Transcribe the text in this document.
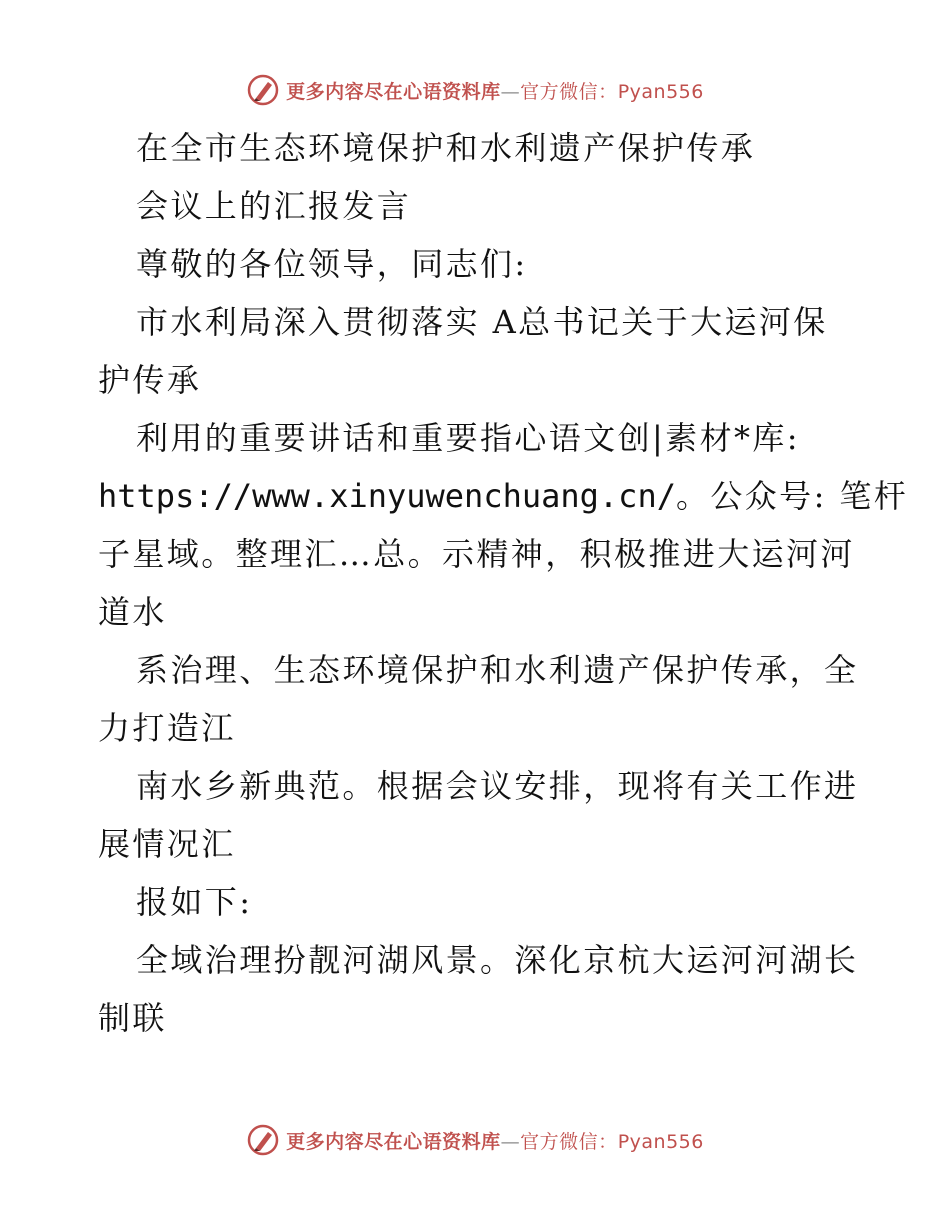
更多内容尽在心语资料库—官方微信：Pyan556
在全市生态环境保护和水利遗产保护传承
会议上的汇报发言
尊敬的各位领导，同志们:
市水利局深入贯彻落实 A总书记关于大运河保
护传承
利用的重要讲话和重要指心语文创|素材*库:
https://www.xinyuwenchuang.cn/。公众号: 笔杆
子星域。整理汇…总。示精神，积极推进大运河河
道水
系治理、生态环境保护和水利遗产保护传承，全
力打造江
南水乡新典范。根据会议安排，现将有关工作进
展情况汇
报如下:
全域治理扮靓河湖风景。深化京杭大运河河湖长
制联
更多内容尽在心语资料库—官方微信：Pyan556
